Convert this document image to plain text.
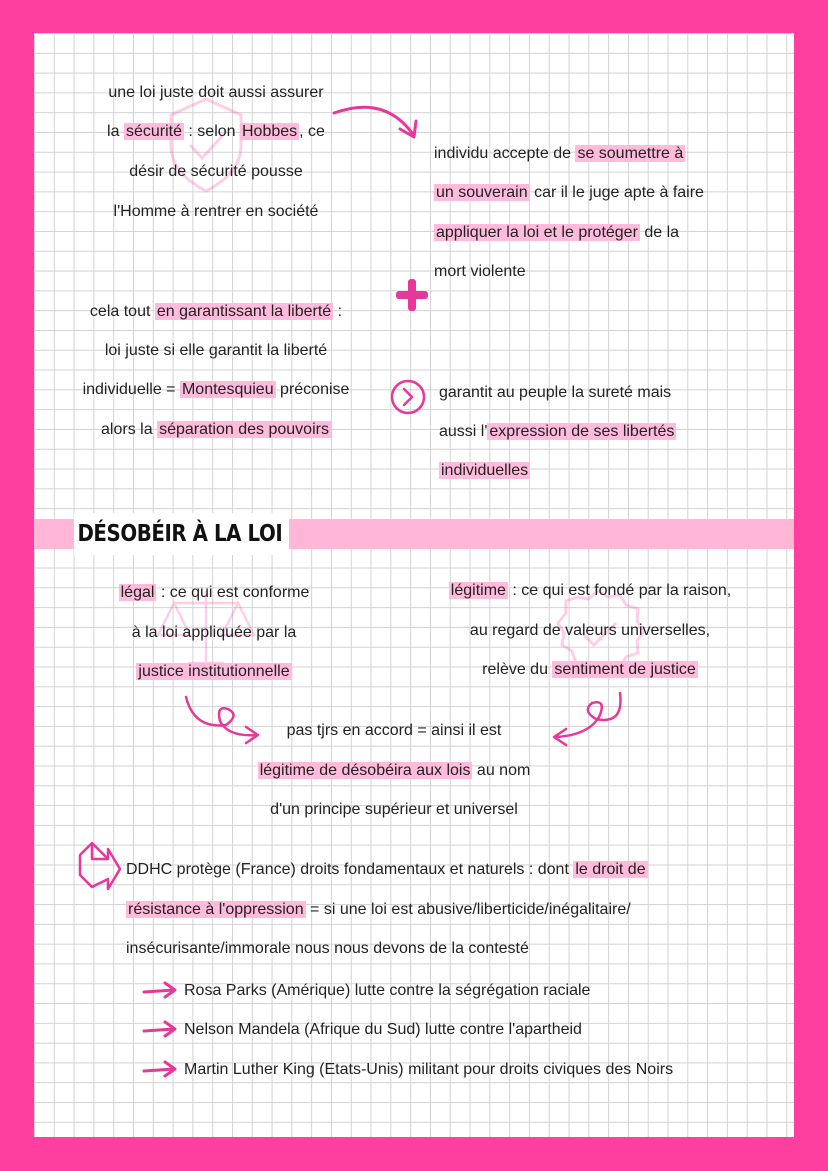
une loi juste doit aussi assurer
la sécurité : selon Hobbes , ce
désir de sécurité pousse
l'Homme à rentrer en société
individu accepte de se soumettre à
un souverain car il le juge apte à faire
appliquer la loi et le protéger de la
mort violente
cela tout en garantissant la liberté :
loi juste si elle garantit la liberté
individuelle = Montesquieu préconise
alors la séparation des pouvoirs
garantit au peuple la sureté mais
aussi l' expression de ses libertés
individuelles
DÉSOBÉIR À LA LOI
légal : ce qui est conforme
à la loi appliquée par la
justice institutionnelle
légitime : ce qui est fondé par la raison,
au regard de valeurs universelles,
relève du sentiment de justice
pas tjrs en accord = ainsi il est
légitime de désobéira aux lois au nom
d'un principe supérieur et universel
DDHC protège (France) droits fondamentaux et naturels : dont le droit de
résistance à l'oppression = si une loi est abusive/liberticide/inégalitaire/
insécurisante/immorale nous nous devons de la contesté
Rosa Parks (Amérique) lutte contre la ségrégation raciale
Nelson Mandela (Afrique du Sud) lutte contre l'apartheid
Martin Luther King (Etats-Unis) militant pour droits civiques des Noirs
